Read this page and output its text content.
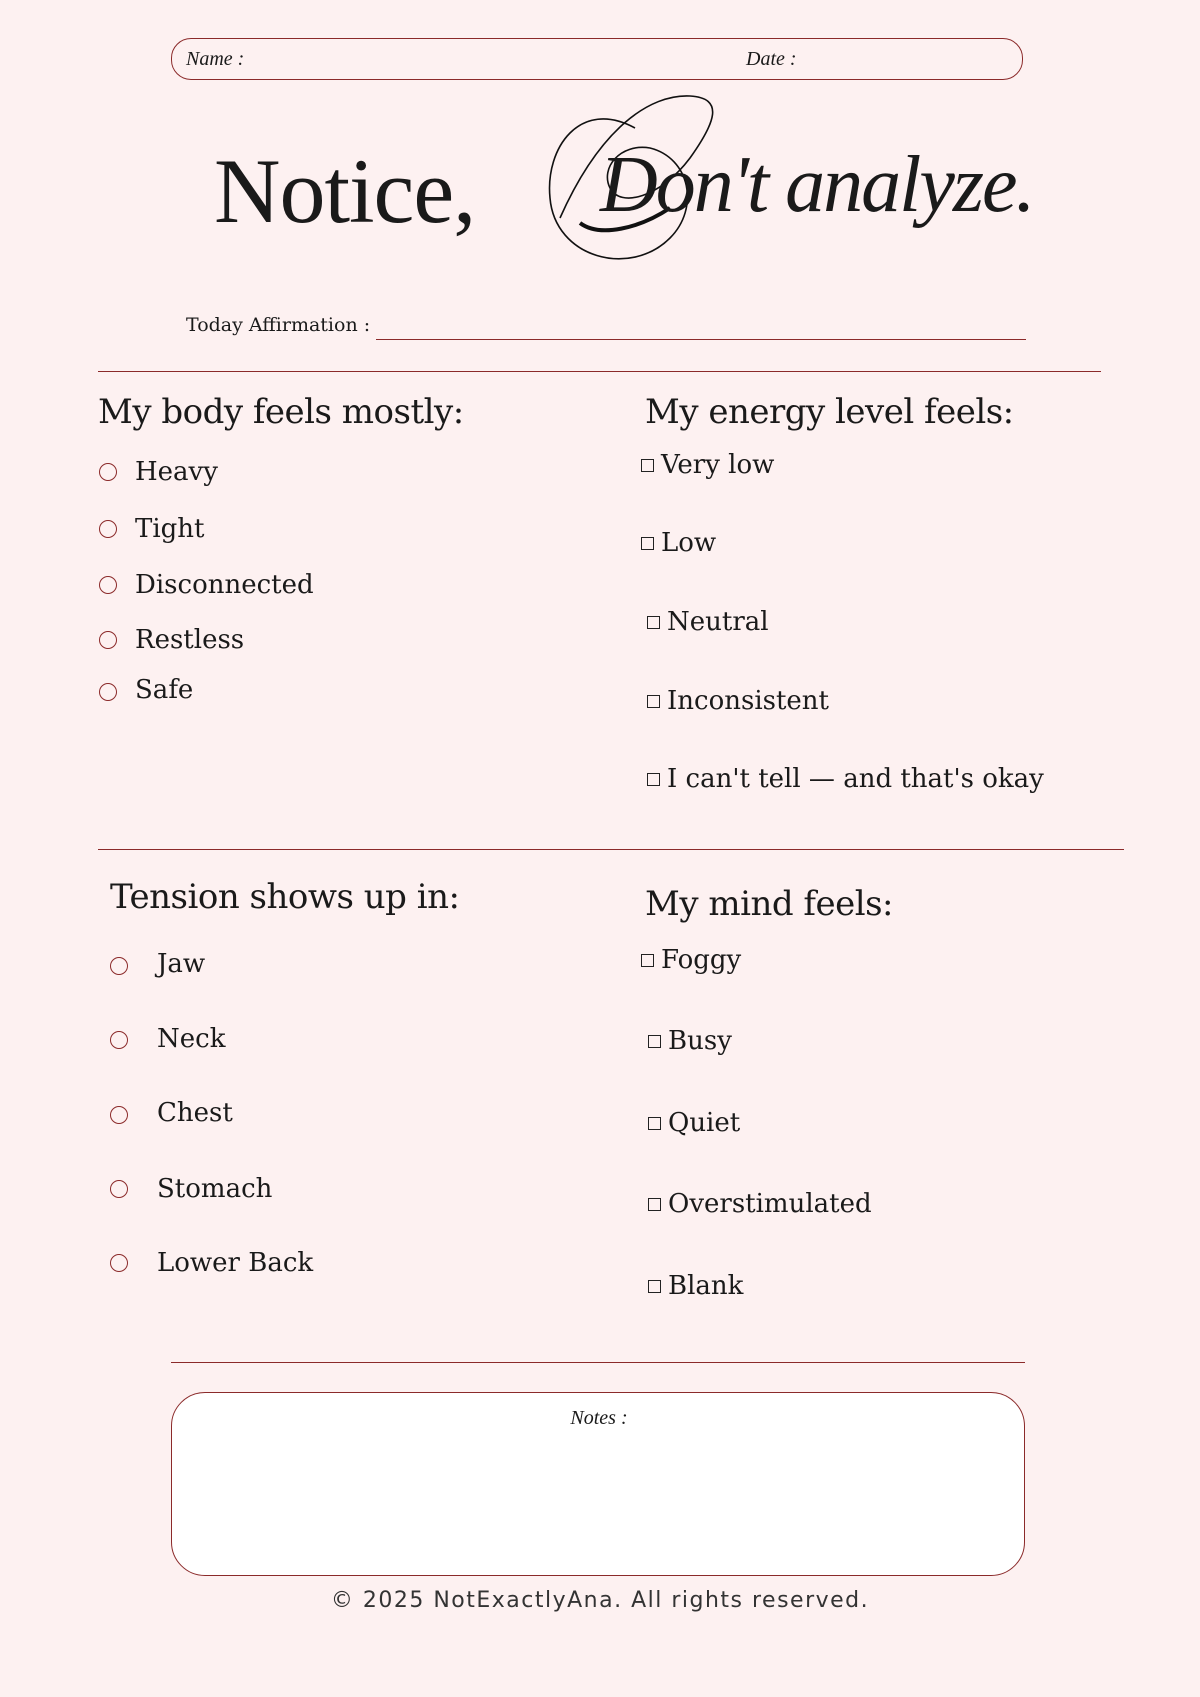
Name :	Date :
Notice, Don't analyze.
Today Affirmation :
My body feels mostly:
Heavy
Tight
Disconnected
Restless
Safe
My energy level feels:
Very low
Low
Neutral
Inconsistent
I can't tell — and that's okay
Tension shows up in:
Jaw
Neck
Chest
Stomach
Lower Back
My mind feels:
Foggy
Busy
Quiet
Overstimulated
Blank
Notes :
© 2025 NotExactlyAna. All rights reserved.
